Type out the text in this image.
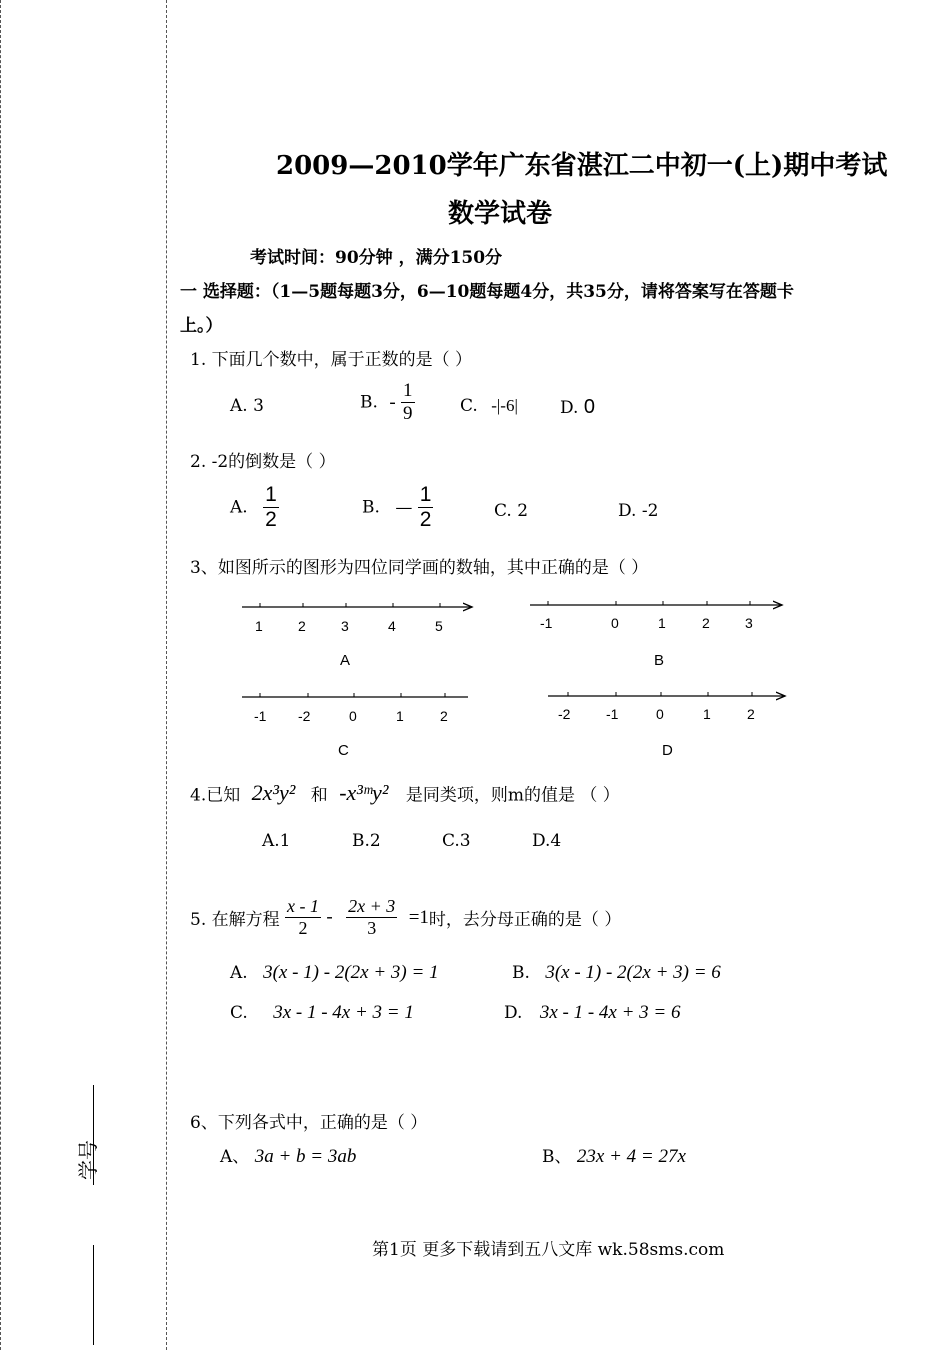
学号
2009—2010学年广东省湛江二中初一(上)期中考试
数学试卷
考试时间：90分钟 ，满分150分
一 选择题：（1—5题每题3分，6—10题每题4分，共35分，请将答案写在答题卡
上。）
1. 下面几个数中，属于正数的是（ ）
A. 3	B. - $\frac{1}{9}$	C. -|-6| D. 0
2. -2的倒数是（ ）
A. $\frac{1}{2}$	B. — $\frac{1}{2}$	C. 2	D. -2
3、如图所示的图形为四位同学画的数轴，其中正确的是（ ）
1	2	3	4	5
A
-1	0	1	2	3
B
-1 -2	0	1	2
C
-2	-1	0	1	2
D
4.已知 2x³y² 和 -x³ᵐy² 是同类项，则m的值是 （ ）
A.1	B.2	C.3	D.4
5. 在解方程 $\frac{x - 1}{2} - \frac{2x + 3}{3} =1$时，去分母正确的是（ ）
A. 3(x - 1) - 2(2x + 3) = 1	B. 3(x - 1) - 2(2x + 3) = 6
C. 3x - 1 - 4x + 3 = 1	D. 3x - 1 - 4x + 3 = 6
6、下列各式中，正确的是（ ）
A、 3a + b = 3ab	B、 23x + 4 = 27x
第1页 更多下载请到五八文库 wk.58sms.com
